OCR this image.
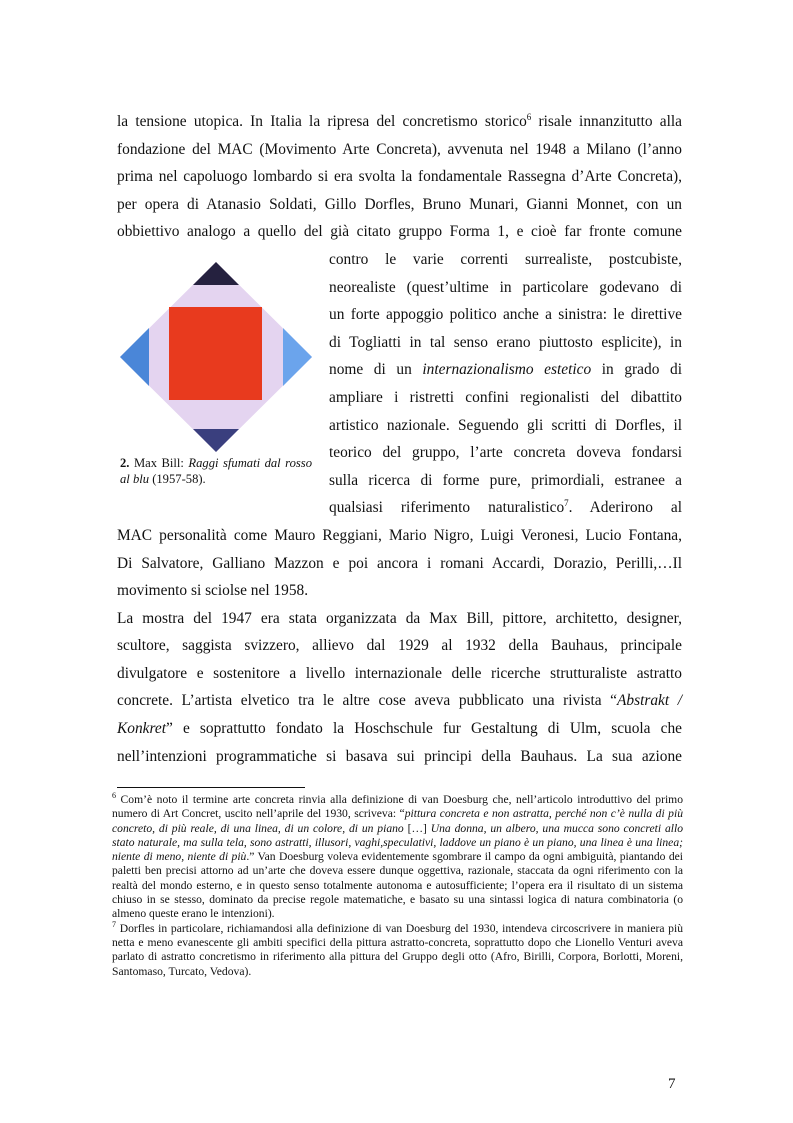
la tensione utopica. In Italia la ripresa del concretismo storico$^6$ risale innanzitutto alla

fondazione del MAC (Movimento Arte Concreta), avvenuta nel 1948 a Milano (l’anno

prima nel capoluogo lombardo si era svolta la fondamentale Rassegna d’Arte Concreta),

per opera di Atanasio Soldati, Gillo Dorfles, Bruno Munari, Gianni Monnet, con un

obbiettivo analogo a quello del già citato gruppo Forma 1, e cioè far fronte comune

contro le varie correnti surrealiste, postcubiste,

neorealiste (quest’ultime in particolare godevano di

un forte appoggio politico anche a sinistra: le direttive

di Togliatti in tal senso erano piuttosto esplicite), in

nome di un internazionalismo estetico in grado di

ampliare i ristretti confini regionalisti del dibattito

artistico nazionale. Seguendo gli scritti di Dorfles, il

teorico del gruppo, l’arte concreta doveva fondarsi

sulla ricerca di forme pure, primordiali, estranee a

qualsiasi riferimento naturalistico$^7$. Aderirono al

MAC personalità come Mauro Reggiani, Mario Nigro, Luigi Veronesi, Lucio Fontana,

Di Salvatore, Galliano Mazzon e poi ancora i romani Accardi, Dorazio, Perilli,…Il

movimento si sciolse nel 1958.

La mostra del 1947 era stata organizzata da Max Bill, pittore, architetto, designer,

scultore, saggista svizzero, allievo dal 1929 al 1932 della Bauhaus, principale

divulgatore e sostenitore a livello internazionale delle ricerche strutturaliste astratto

concrete. L’artista elvetico tra le altre cose aveva pubblicato una rivista “Abstrakt /

Konkret” e soprattutto fondato la Hoschschule fur Gestaltung di Ulm, scuola che

nell’intenzioni programmatiche si basava sui principi della Bauhaus. La sua azione

2. Max Bill: Raggi sfumati dal rosso al blu (1957-58).

$^6$ Com’è noto il termine arte concreta rinvia alla definizione di van Doesburg che, nell’articolo introduttivo del primo numero di Art Concret, uscito nell’aprile del 1930, scriveva: “pittura concreta e non astratta, perché non c’è nulla di più concreto, di più reale, di una linea, di un colore, di un piano […] Una donna, un albero, una mucca sono concreti allo stato naturale, ma sulla tela, sono astratti, illusori, vaghi,speculativi, laddove un piano è un piano, una linea è una linea; niente di meno, niente di più.” Van Doesburg voleva evidentemente sgombrare il campo da ogni ambiguità, piantando dei paletti ben precisi attorno ad un’arte che doveva essere dunque oggettiva, razionale, staccata da ogni riferimento con la realtà del mondo esterno, e in questo senso totalmente autonoma e autosufficiente; l’opera era il risultato di un sistema chiuso in se stesso, dominato da precise regole matematiche, e basato su una sintassi logica di natura combinatoria (o almeno queste erano le intenzioni).

$^7$ Dorfles in particolare, richiamandosi alla definizione di van Doesburg del 1930, intendeva circoscrivere in maniera più netta e meno evanescente gli ambiti specifici della pittura astratto-concreta, soprattutto dopo che Lionello Venturi aveva parlato di astratto concretismo in riferimento alla pittura del Gruppo degli otto (Afro, Birilli, Corpora, Borlotti, Moreni, Santomaso, Turcato, Vedova).

7
